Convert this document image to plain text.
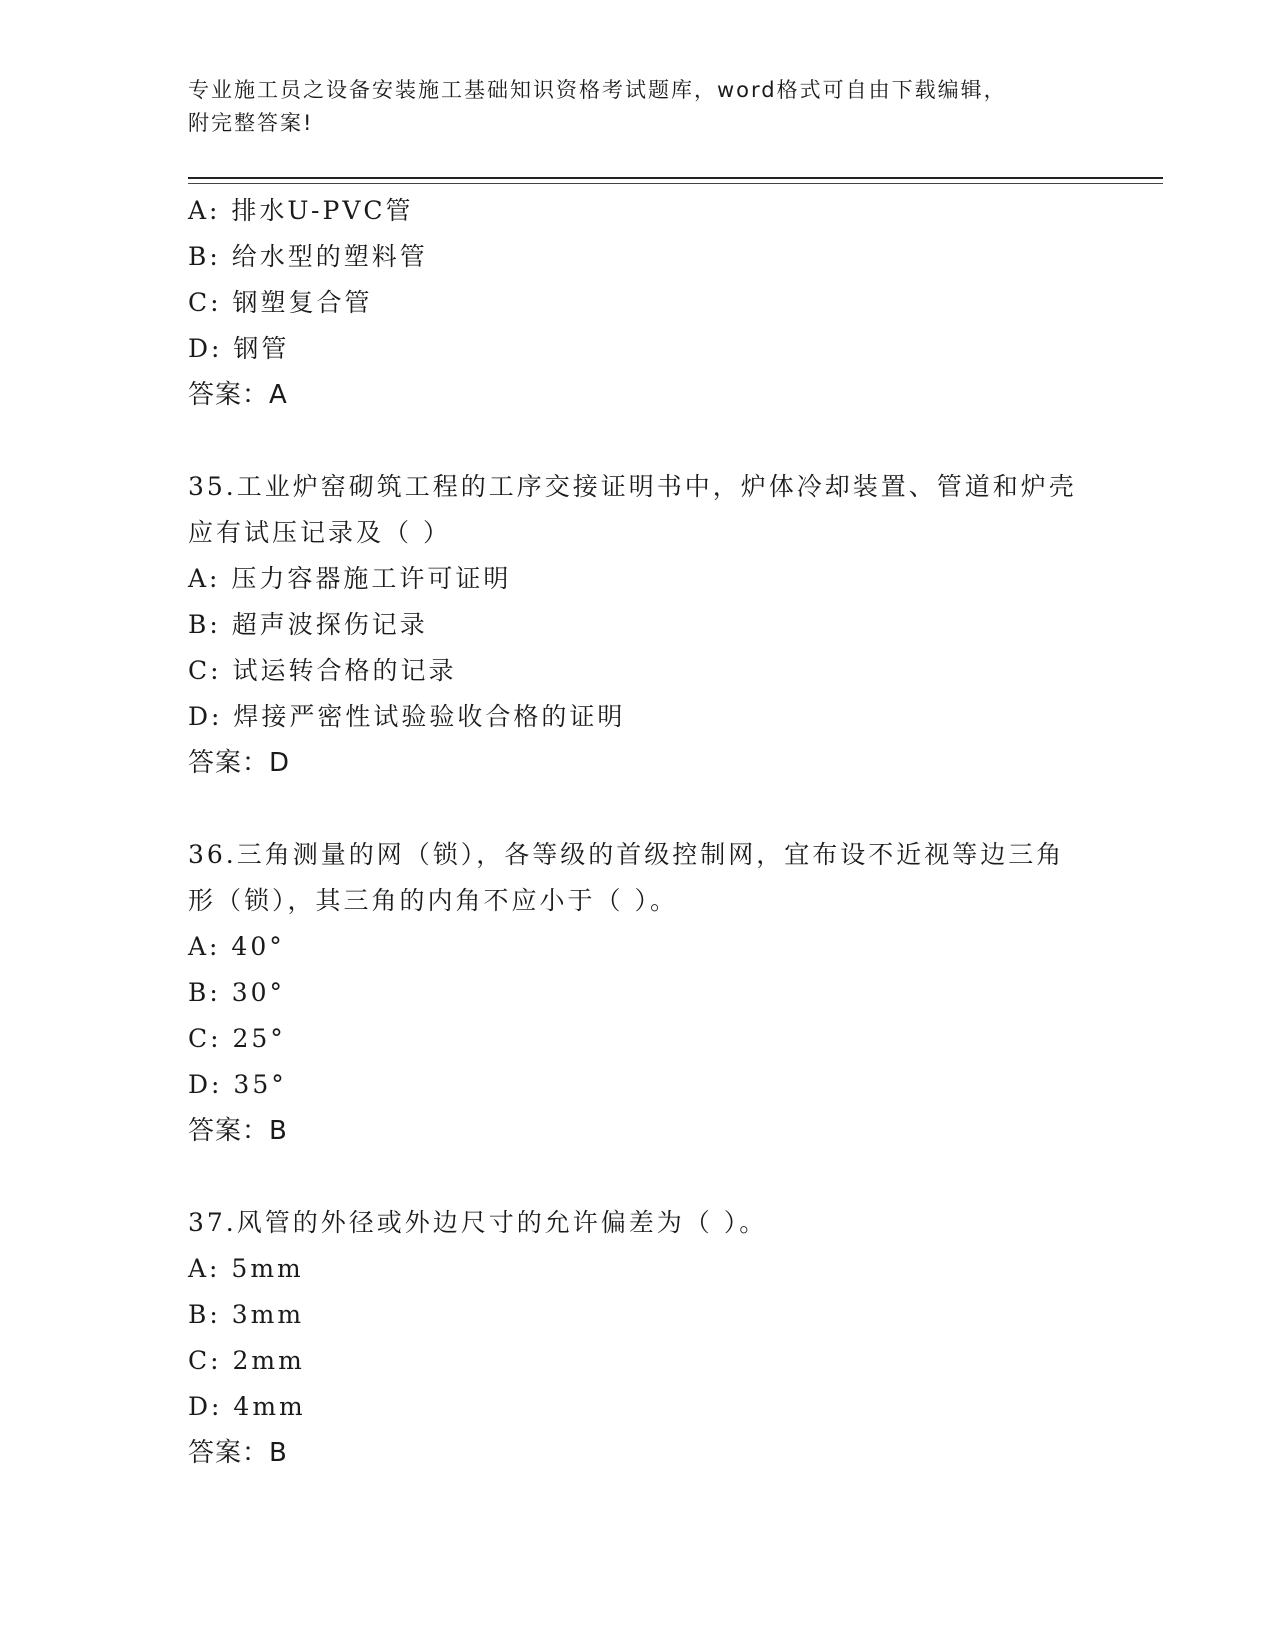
专业施工员之设备安装施工基础知识资格考试题库，word格式可自由下载编辑，
附完整答案!

A: 排水U-PVC管

B: 给水型的塑料管

C: 钢塑复合管

D: 钢管

答案：A

35.工业炉窑砌筑工程的工序交接证明书中，炉体冷却装置、管道和炉壳应有试压记录及（ ）

A: 压力容器施工许可证明

B: 超声波探伤记录

C: 试运转合格的记录

D: 焊接严密性试验验收合格的证明

答案：D

36.三角测量的网（锁），各等级的首级控制网，宜布设不近视等边三角形（锁），其三角的内角不应小于（ ）。

A: 40°

B: 30°

C: 25°

D: 35°

答案：B

37.风管的外径或外边尺寸的允许偏差为（ ）。

A: 5mm

B: 3mm

C: 2mm

D: 4mm

答案：B
